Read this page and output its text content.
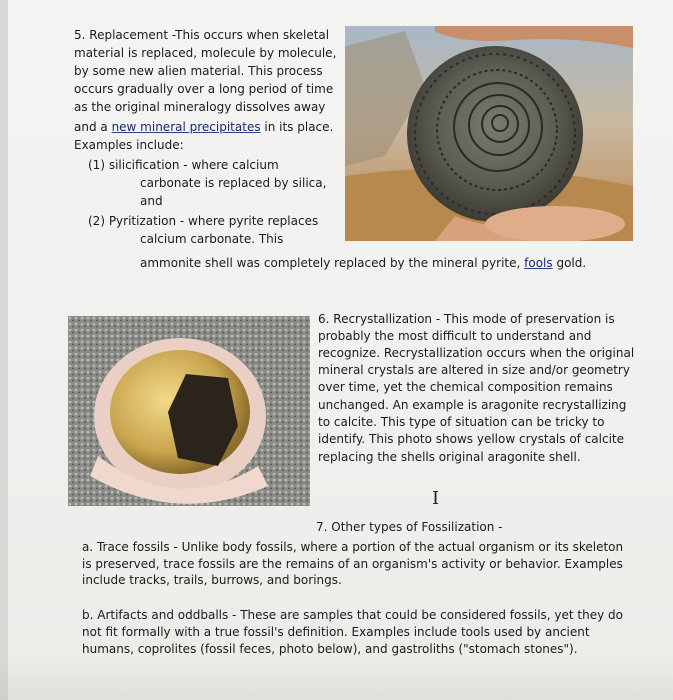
5. Replacement -This occurs when skeletal
material is replaced, molecule by molecule,
by some new alien material. This process
occurs gradually over a long period of time
as the original mineralogy dissolves away
and a new mineral precipitates in its place.
Examples include:
(1) silicification - where calcium
carbonate is replaced by silica,
and
(2) Pyritization - where pyrite replaces
calcium carbonate. This
ammonite shell was completely replaced by the mineral pyrite, fools gold.
6. Recrystallization - This mode of preservation is
probably the most difficult to understand and
recognize. Recrystallization occurs when the original
mineral crystals are altered in size and/or geometry
over time, yet the chemical composition remains
unchanged. An example is aragonite recrystallizing
to calcite. This type of situation can be tricky to
identify. This photo shows yellow crystals of calcite
replacing the shells original aragonite shell.
I
7. Other types of Fossilization -
a. Trace fossils - Unlike body fossils, where a portion of the actual organism or its skeleton
is preserved, trace fossils are the remains of an organism's activity or behavior. Examples
include tracks, trails, burrows, and borings.
b. Artifacts and oddballs - These are samples that could be considered fossils, yet they do
not fit formally with a true fossil's definition. Examples include tools used by ancient
humans, coprolites (fossil feces, photo below), and gastroliths ("stomach stones").
